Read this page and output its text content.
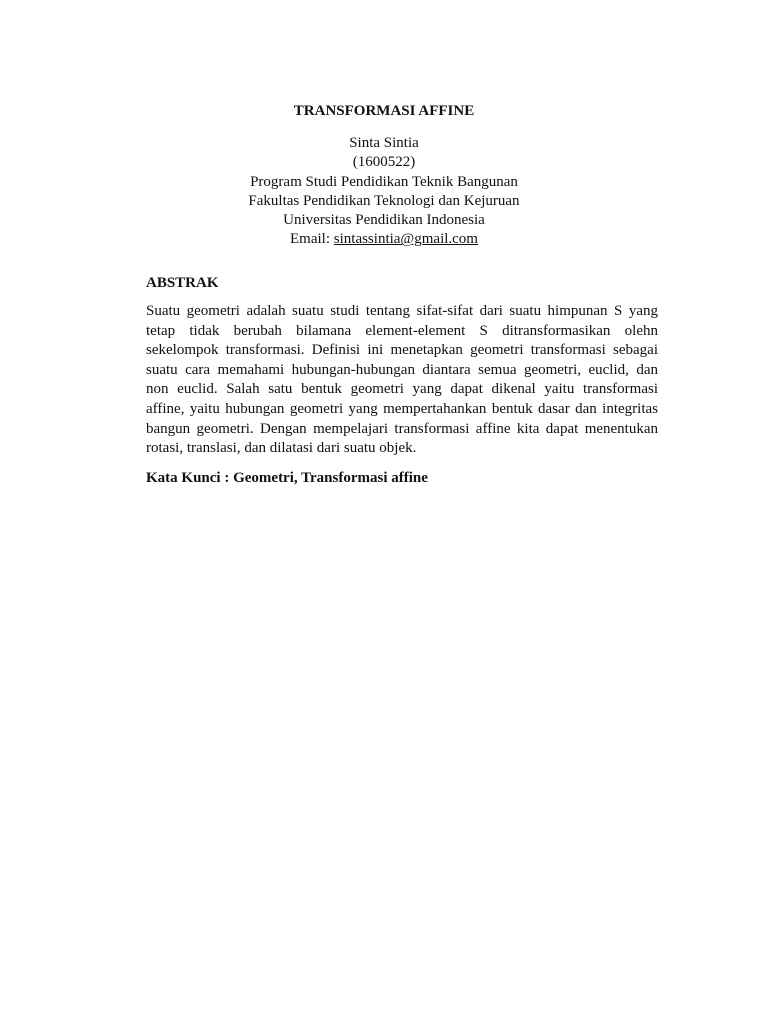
TRANSFORMASI AFFINE
Sinta Sintia
(1600522)
Program Studi Pendidikan Teknik Bangunan
Fakultas Pendidikan Teknologi dan Kejuruan
Universitas Pendidikan Indonesia
Email: sintassintia@gmail.com
ABSTRAK
Suatu geometri adalah suatu studi tentang sifat-sifat dari suatu himpunan S yang
tetap tidak berubah bilamana element-element S ditransformasikan olehn
sekelompok transformasi. Definisi ini menetapkan geometri transformasi sebagai
suatu cara memahami hubungan-hubungan diantara semua geometri, euclid, dan
non euclid. Salah satu bentuk geometri yang dapat dikenal yaitu transformasi
affine, yaitu hubungan geometri yang mempertahankan bentuk dasar dan integritas
bangun geometri. Dengan mempelajari transformasi affine kita dapat menentukan
rotasi, translasi, dan dilatasi dari suatu objek.
Kata Kunci : Geometri, Transformasi affine
